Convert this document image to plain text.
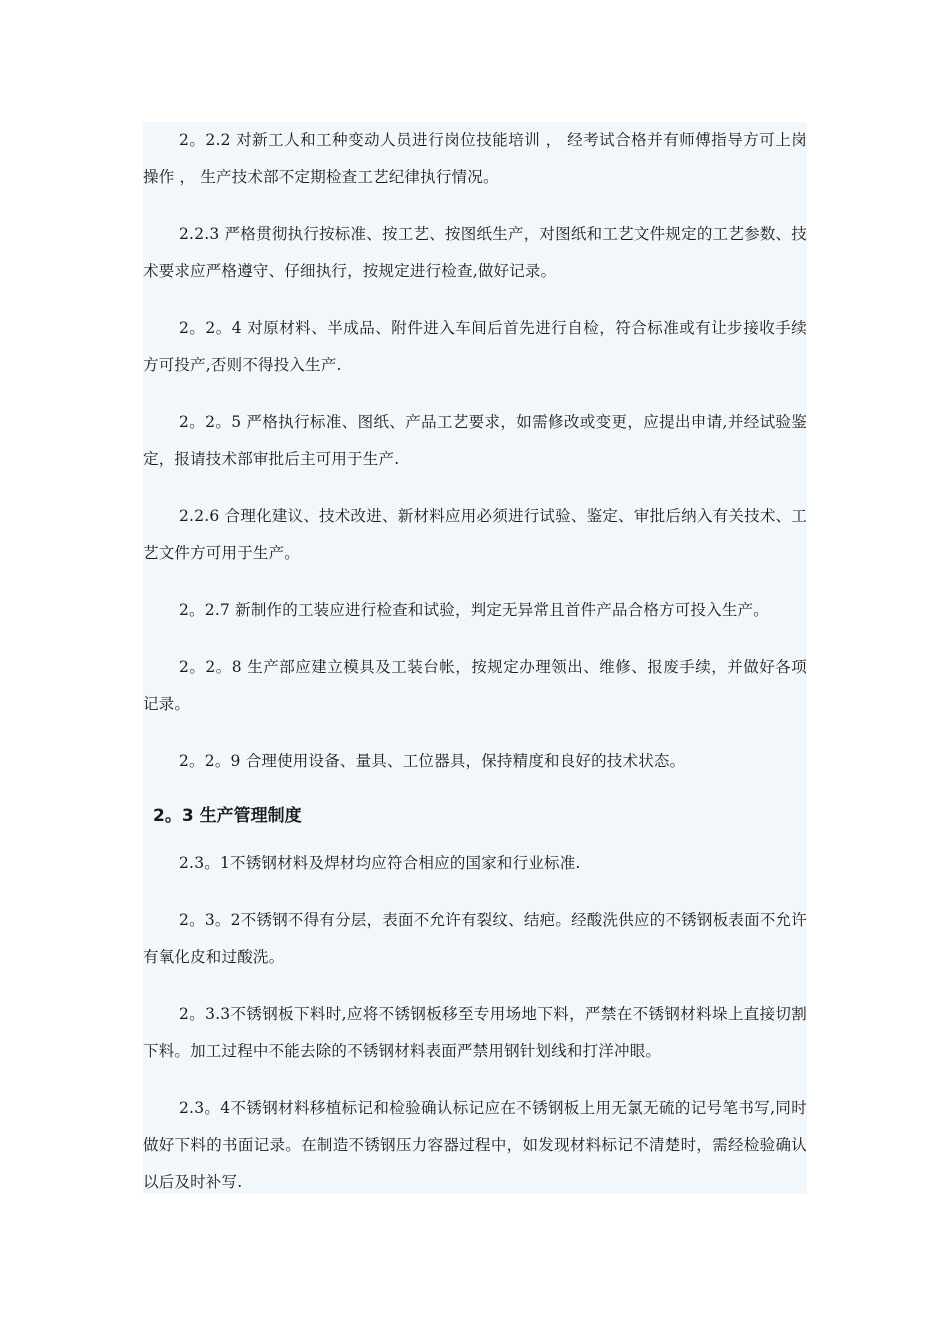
2。2.2 对新工人和工种变动人员进行岗位技能培训 ， 经考试合格并有师傅指导方可上岗操作 ， 生产技术部不定期检查工艺纪律执行情况。

2.2.3 严格贯彻执行按标准、按工艺、按图纸生产，对图纸和工艺文件规定的工艺参数、技术要求应严格遵守、仔细执行，按规定进行检查,做好记录。

2。2。4 对原材料、半成品、附件进入车间后首先进行自检，符合标准或有让步接收手续方可投产,否则不得投入生产.

2。2。5 严格执行标准、图纸、产品工艺要求，如需修改或变更，应提出申请,并经试验鉴定，报请技术部审批后主可用于生产.

2.2.6 合理化建议、技术改进、新材料应用必须进行试验、鉴定、审批后纳入有关技术、工艺文件方可用于生产。

2。2.7 新制作的工装应进行检查和试验，判定无异常且首件产品合格方可投入生产。

2。2。8 生产部应建立模具及工装台帐，按规定办理领出、维修、报废手续，并做好各项记录。

2。2。9 合理使用设备、量具、工位器具，保持精度和良好的技术状态。

2。3 生产管理制度

2.3。1不锈钢材料及焊材均应符合相应的国家和行业标准.

2。3。2不锈钢不得有分层，表面不允许有裂纹、结疤。经酸洗供应的不锈钢板表面不允许有氧化皮和过酸洗。

2。3.3不锈钢板下料时,应将不锈钢板移至专用场地下料，严禁在不锈钢材料垛上直接切割下料。加工过程中不能去除的不锈钢材料表面严禁用钢针划线和打洋冲眼。

2.3。4不锈钢材料移植标记和检验确认标记应在不锈钢板上用无氯无硫的记号笔书写,同时做好下料的书面记录。在制造不锈钢压力容器过程中，如发现材料标记不清楚时，需经检验确认以后及时补写.
